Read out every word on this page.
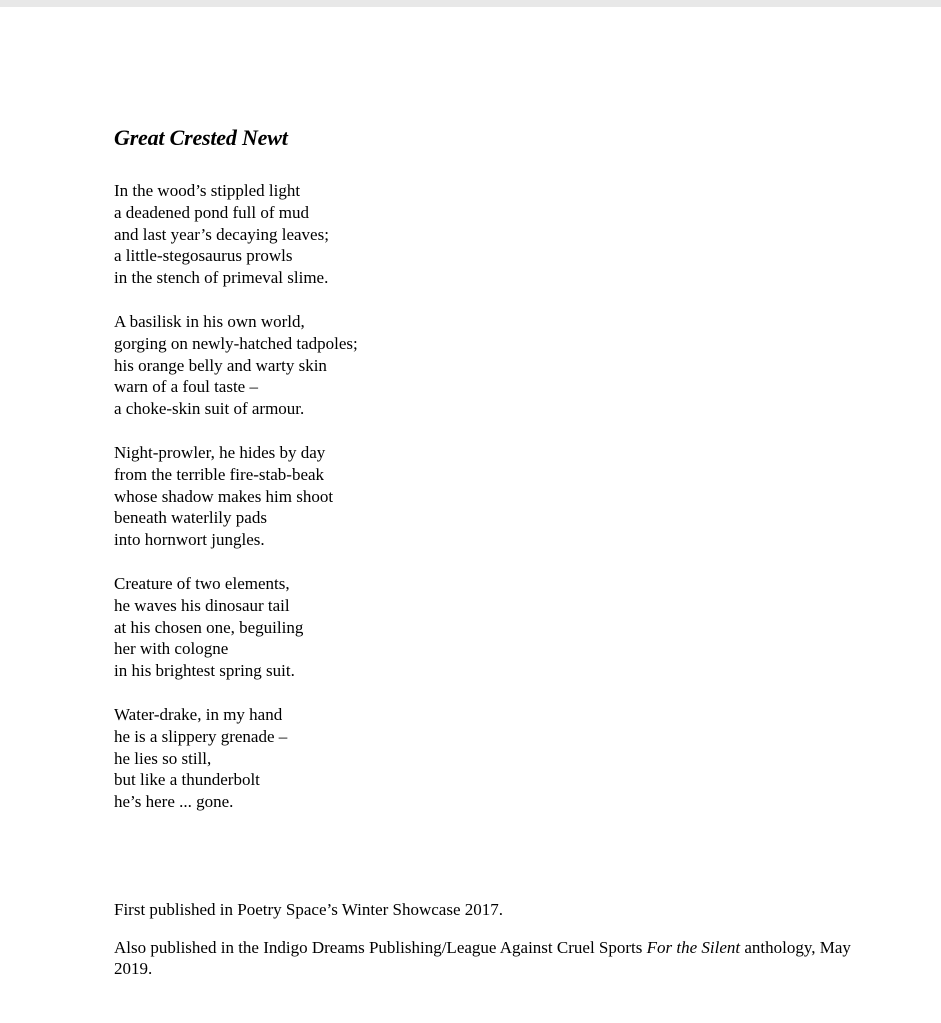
Great Crested Newt
In the wood’s stippled light
a deadened pond full of mud
and last year’s decaying leaves;
a little-stegosaurus prowls
in the stench of primeval slime.
A basilisk in his own world,
gorging on newly-hatched tadpoles;
his orange belly and warty skin
warn of a foul taste –
a choke-skin suit of armour.
Night-prowler, he hides by day
from the terrible fire-stab-beak
whose shadow makes him shoot
beneath waterlily pads
into hornwort jungles.
Creature of two elements,
he waves his dinosaur tail
at his chosen one, beguiling
her with cologne
in his brightest spring suit.
Water-drake, in my hand
he is a slippery grenade –
he lies so still,
but like a thunderbolt
he’s here ... gone.

First published in Poetry Space’s Winter Showcase 2017.

Also published in the Indigo Dreams Publishing/League Against Cruel Sports For the Silent anthology, May 2019.
